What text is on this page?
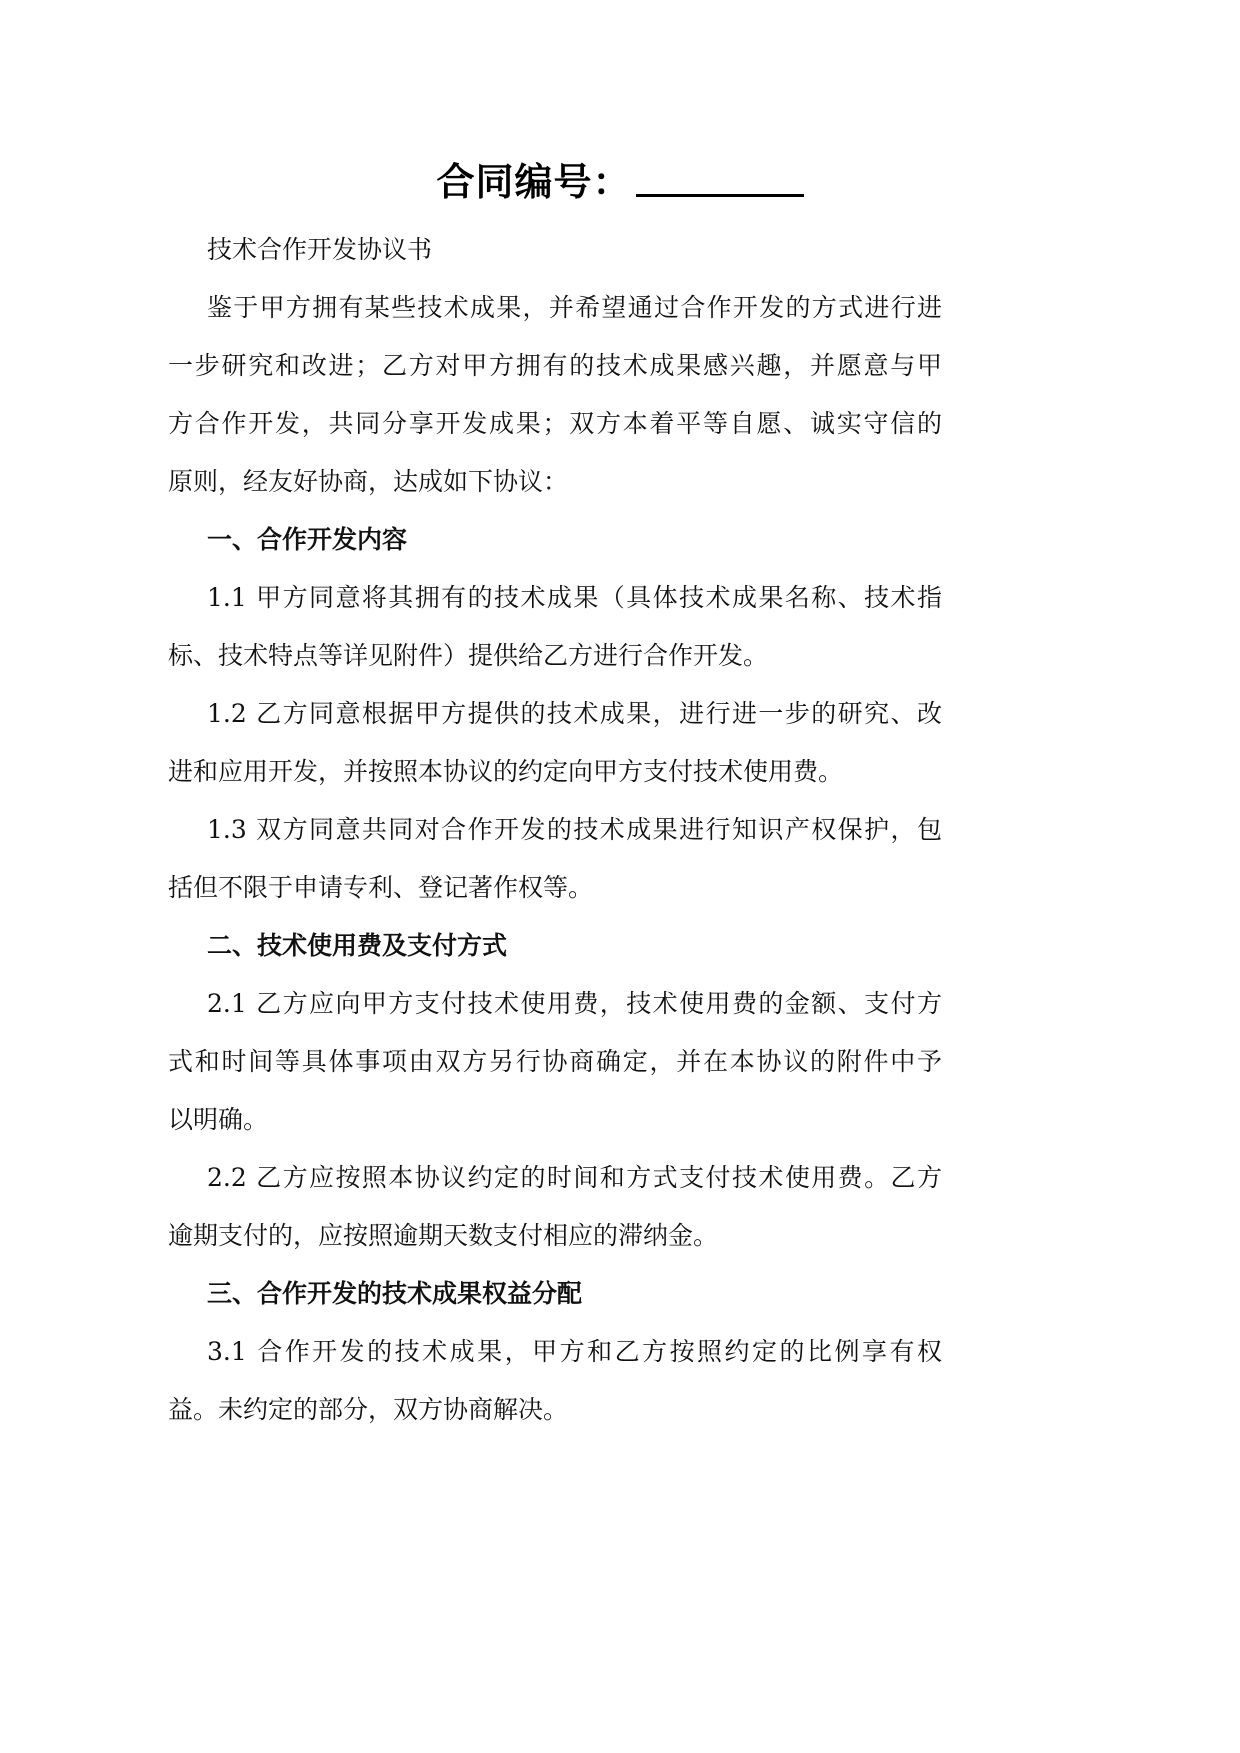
合同编号：
技术合作开发协议书
鉴于甲方拥有某些技术成果，并希望通过合作开发的方式进行进
一步研究和改进；乙方对甲方拥有的技术成果感兴趣，并愿意与甲
方合作开发，共同分享开发成果；双方本着平等自愿、诚实守信的
原则，经友好协商，达成如下协议：
一、合作开发内容
1.1 甲方同意将其拥有的技术成果（具体技术成果名称、技术指
标、技术特点等详见附件）提供给乙方进行合作开发。
1.2 乙方同意根据甲方提供的技术成果，进行进一步的研究、改
进和应用开发，并按照本协议的约定向甲方支付技术使用费。
1.3 双方同意共同对合作开发的技术成果进行知识产权保护，包
括但不限于申请专利、登记著作权等。
二、技术使用费及支付方式
2.1 乙方应向甲方支付技术使用费，技术使用费的金额、支付方
式和时间等具体事项由双方另行协商确定，并在本协议的附件中予
以明确。
2.2 乙方应按照本协议约定的时间和方式支付技术使用费。乙方
逾期支付的，应按照逾期天数支付相应的滞纳金。
三、合作开发的技术成果权益分配
3.1 合作开发的技术成果，甲方和乙方按照约定的比例享有权
益。未约定的部分，双方协商解决。
